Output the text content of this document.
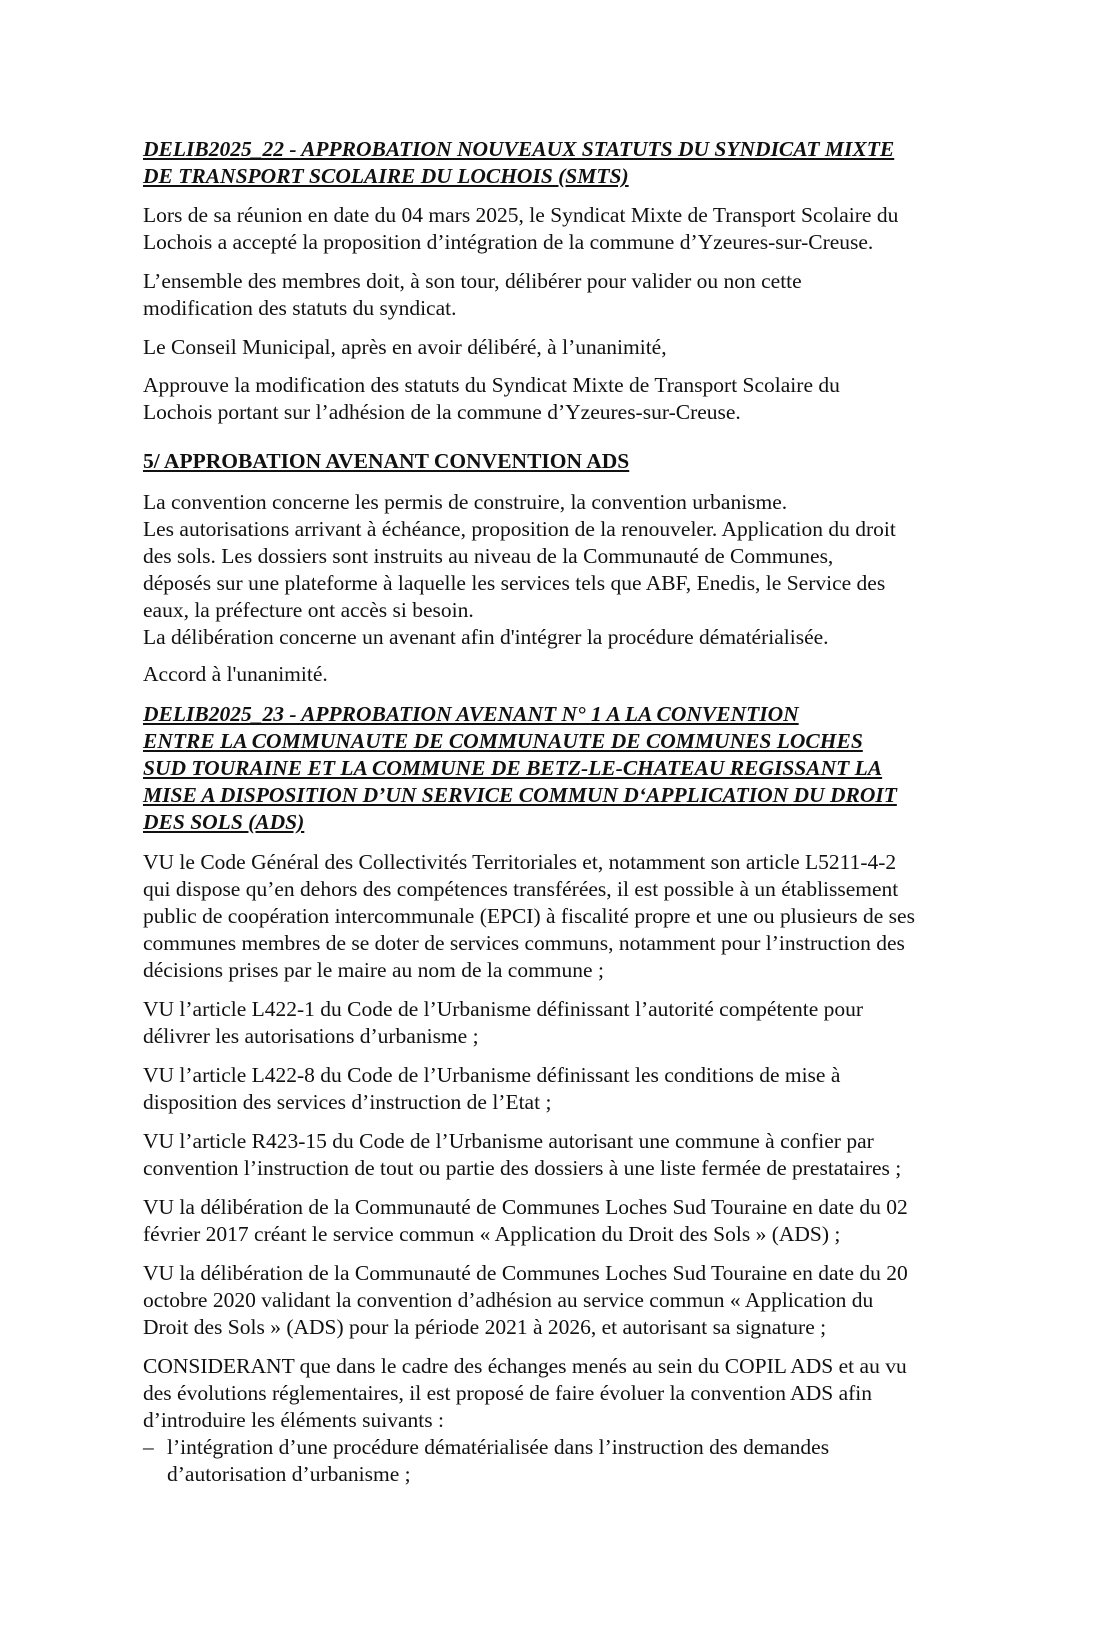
DELIB2025_22 - APPROBATION NOUVEAUX STATUTS DU SYNDICAT MIXTE
DE TRANSPORT SCOLAIRE DU LOCHOIS (SMTS)

Lors de sa réunion en date du 04 mars 2025, le Syndicat Mixte de Transport Scolaire du
Lochois a accepté la proposition d’intégration de la commune d’Yzeures-sur-Creuse.

L’ensemble des membres doit, à son tour, délibérer pour valider ou non cette
modification des statuts du syndicat.

Le Conseil Municipal, après en avoir délibéré, à l’unanimité,

Approuve la modification des statuts du Syndicat Mixte de Transport Scolaire du
Lochois portant sur l’adhésion de la commune d’Yzeures-sur-Creuse.

5/ APPROBATION AVENANT CONVENTION ADS

La convention concerne les permis de construire, la convention urbanisme.
Les autorisations arrivant à échéance, proposition de la renouveler. Application du droit
des sols. Les dossiers sont instruits au niveau de la Communauté de Communes,
déposés sur une plateforme à laquelle les services tels que ABF, Enedis, le Service des
eaux, la préfecture ont accès si besoin.
La délibération concerne un avenant afin d'intégrer la procédure dématérialisée.

Accord à l'unanimité.

DELIB2025_23 - APPROBATION AVENANT N° 1 A LA CONVENTION
ENTRE LA COMMUNAUTE DE COMMUNAUTE DE COMMUNES LOCHES
SUD TOURAINE ET LA COMMUNE DE BETZ-LE-CHATEAU REGISSANT LA
MISE A DISPOSITION D’UN SERVICE COMMUN D‘APPLICATION DU DROIT
DES SOLS (ADS)

VU le Code Général des Collectivités Territoriales et, notamment son article L5211-4-2
qui dispose qu’en dehors des compétences transférées, il est possible à un établissement
public de coopération intercommunale (EPCI) à fiscalité propre et une ou plusieurs de ses
communes membres de se doter de services communs, notamment pour l’instruction des
décisions prises par le maire au nom de la commune ;

VU l’article L422-1 du Code de l’Urbanisme définissant l’autorité compétente pour
délivrer les autorisations d’urbanisme ;

VU l’article L422-8 du Code de l’Urbanisme définissant les conditions de mise à
disposition des services d’instruction de l’Etat ;

VU l’article R423-15 du Code de l’Urbanisme autorisant une commune à confier par
convention l’instruction de tout ou partie des dossiers à une liste fermée de prestataires ;

VU la délibération de la Communauté de Communes Loches Sud Touraine en date du 02
février 2017 créant le service commun « Application du Droit des Sols » (ADS) ;

VU la délibération de la Communauté de Communes Loches Sud Touraine en date du 20
octobre 2020 validant la convention d’adhésion au service commun « Application du
Droit des Sols » (ADS) pour la période 2021 à 2026, et autorisant sa signature ;

CONSIDERANT que dans le cadre des échanges menés au sein du COPIL ADS et au vu
des évolutions réglementaires, il est proposé de faire évoluer la convention ADS afin
d’introduire les éléments suivants :

– l’intégration d’une procédure dématérialisée dans l’instruction des demandes
d’autorisation d’urbanisme ;
